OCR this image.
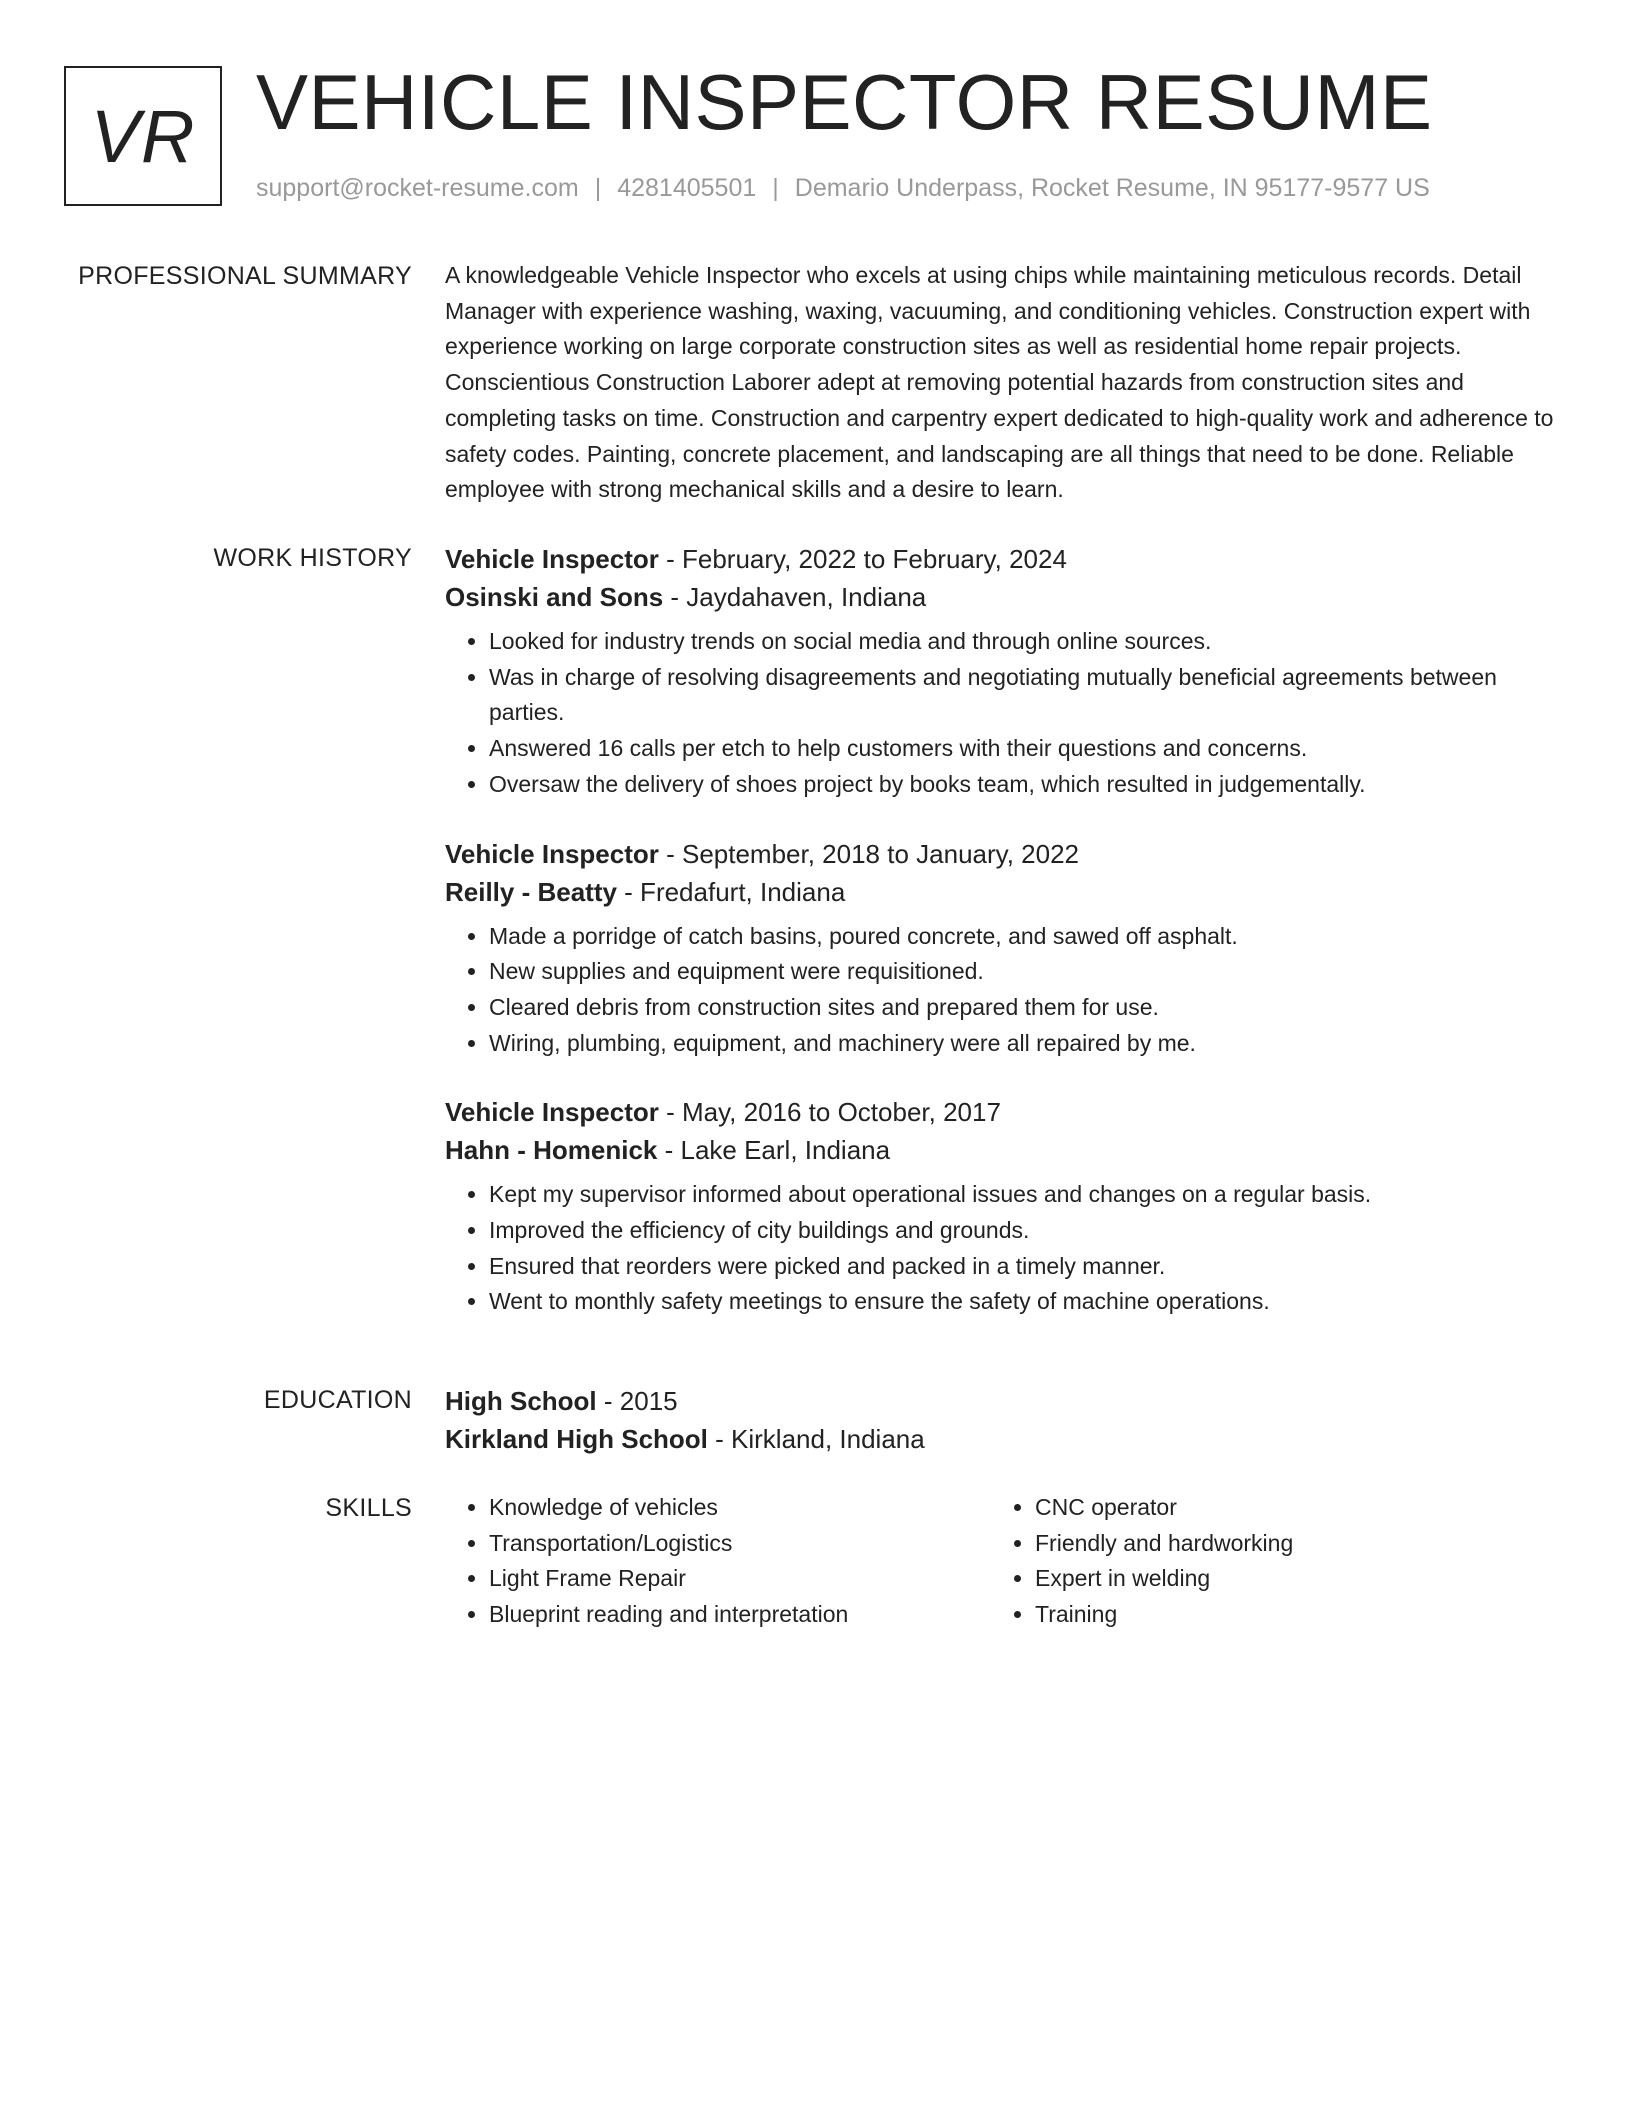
VR VEHICLE INSPECTOR RESUME
support@rocket-resume.com | 4281405501 | Demario Underpass, Rocket Resume, IN 95177-9577 US
PROFESSIONAL SUMMARY A knowledgeable Vehicle Inspector who excels at using chips while maintaining meticulous records. Detail Manager with experience washing, waxing, vacuuming, and conditioning vehicles. Construction expert with experience working on large corporate construction sites as well as residential home repair projects. Conscientious Construction Laborer adept at removing potential hazards from construction sites and completing tasks on time. Construction and carpentry expert dedicated to high-quality work and adherence to safety codes. Painting, concrete placement, and landscaping are all things that need to be done. Reliable employee with strong mechanical skills and a desire to learn.

WORK HISTORY Vehicle Inspector - February, 2022 to February, 2024
Osinski and Sons - Jaydahaven, Indiana
• Looked for industry trends on social media and through online sources.
• Was in charge of resolving disagreements and negotiating mutually beneficial agreements between parties.
• Answered 16 calls per etch to help customers with their questions and concerns.
• Oversaw the delivery of shoes project by books team, which resulted in judgementally.
Vehicle Inspector - September, 2018 to January, 2022
Reilly - Beatty - Fredafurt, Indiana
• Made a porridge of catch basins, poured concrete, and sawed off asphalt.
• New supplies and equipment were requisitioned.
• Cleared debris from construction sites and prepared them for use.
• Wiring, plumbing, equipment, and machinery were all repaired by me.
Vehicle Inspector - May, 2016 to October, 2017
Hahn - Homenick - Lake Earl, Indiana
• Kept my supervisor informed about operational issues and changes on a regular basis.
• Improved the efficiency of city buildings and grounds.
• Ensured that reorders were picked and packed in a timely manner.
• Went to monthly safety meetings to ensure the safety of machine operations.
EDUCATION High School - 2015
Kirkland High School - Kirkland, Indiana
SKILLS
•	Knowledge of vehicles
• Transportation/Logistics
• Light Frame Repair
• Blueprint reading and interpretation
• CNC operator
• Friendly and hardworking
• Expert in welding
• Training
